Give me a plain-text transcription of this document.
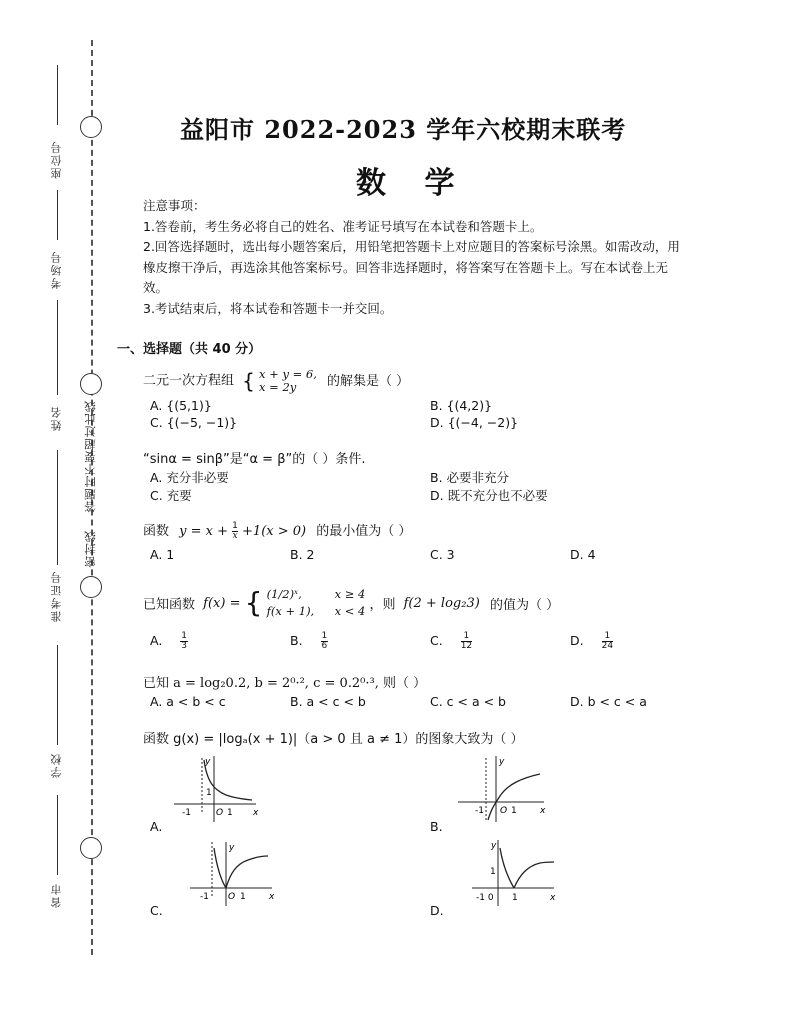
座位号
考场号
姓名
准考证号
学校
省市
答题时不要超过此线
密封线
益阳市 2022-2023 学年六校期末联考
数 学
注意事项：
1.答卷前，考生务必将自己的姓名、准考证号填写在本试卷和答题卡上。
2.回答选择题时，选出每小题答案后，用铅笔把答题卡上对应题目的答案标号涂黑。如需改动，用橡皮擦干净后，再选涂其他答案标号。回答非选择题时，将答案写在答题卡上。写在本试卷上无效。
3.考试结束后，将本试卷和答题卡一并交回。
一、选择题（共 40 分）
二元一次方程组 { x + y = 6,
x = 2y	的解集是（ ）
A. {(5,1)}	B. {(4,2)}
C. {(−5, −1)}	D. {(−4, −2)}
“sinα = sinβ”是“α = β”的（ ）条件.
A. 充分非必要	B. 必要非充分
C. 充要	D. 既不充分也不必要
函数 $y = x + \frac{1}{x} +1(x > 0)$ 的最小值为（ ）
A. 1	B. 2	C. 3	D. 4
已知函数 f(x) = { (1/2)ˣ,	x ≥ 4
f(x + 1), x < 4 ，则 f(2 + log₂3) 的值为（ ）
A. $\frac{1}{3}$	B. $\frac{1}{6}$	C. $\frac{1}{12}$	D. $\frac{1}{24}$
已知 a = log₂0.2, b = 2⁰·², c = 0.2⁰·³, 则（ ）
A. a < b < c	B. a < c < b	C. c < a < b	D. b < c < a
函数 g(x) = |logₐ(x + 1)|（a > 0 且 a ≠ 1）的图象大致为（ ）
A.	B.
C.	D.
y
x
O 1
1
-1
y
x
O 1
-1
y
x
O 1
-1
y
x
1
1
-1 0
